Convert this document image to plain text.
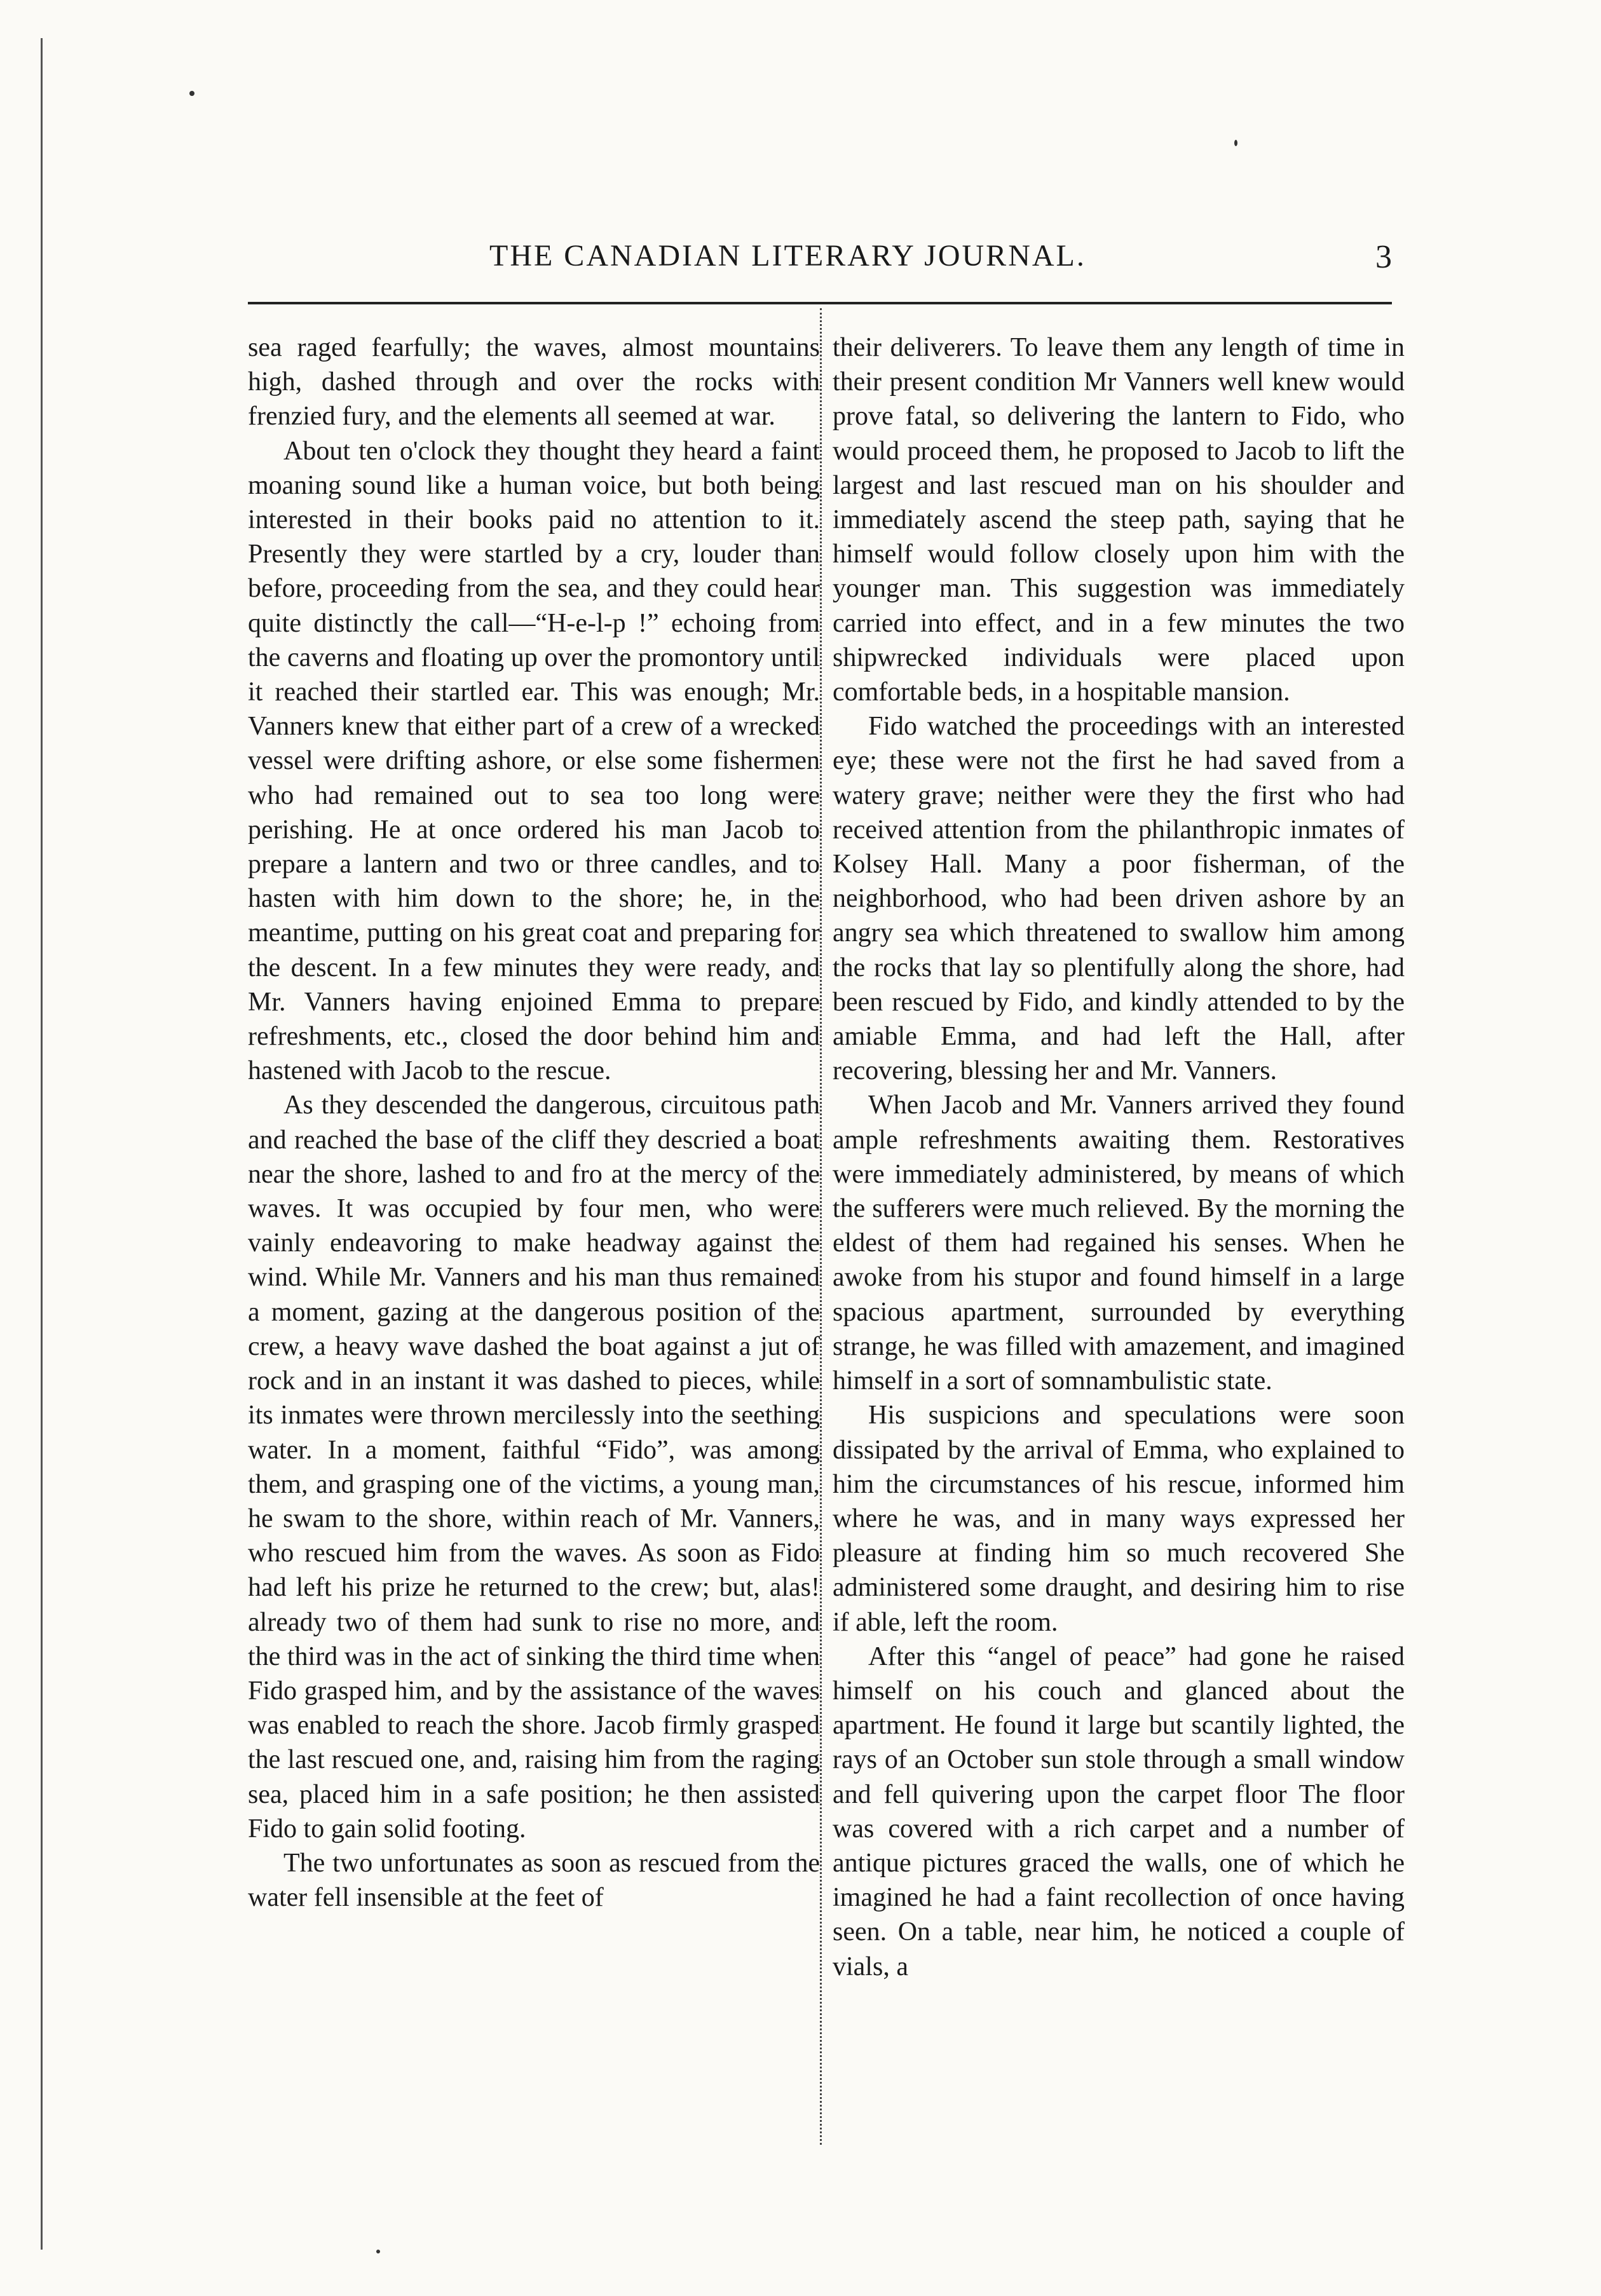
THE CANADIAN LITERARY JOURNAL.	3

sea raged fearfully; the waves, almost mountains high, dashed through and over the rocks with frenzied fury, and the elements all seemed at war.

About ten o'clock they thought they heard a faint moaning sound like a human voice, but both being interested in their books paid no attention to it. Presently they were startled by a cry, louder than before, proceeding from the sea, and they could hear quite distinctly the call—“H-e-l-p !” echoing from the caverns and floating up over the promontory until it reached their startled ear. This was enough; Mr. Vanners knew that either part of a crew of a wrecked vessel were drifting ashore, or else some fishermen who had remained out to sea too long were perishing. He at once ordered his man Jacob to prepare a lantern and two or three candles, and to hasten with him down to the shore; he, in the meantime, putting on his great coat and preparing for the descent. In a few minutes they were ready, and Mr. Vanners having enjoined Emma to prepare refreshments, etc., closed the door behind him and hastened with Jacob to the rescue.

As they descended the dangerous, circuitous path and reached the base of the cliff they descried a boat near the shore, lashed to and fro at the mercy of the waves. It was occupied by four men, who were vainly endeavoring to make headway against the wind. While Mr. Vanners and his man thus remained a moment, gazing at the dangerous position of the crew, a heavy wave dashed the boat against a jut of rock and in an instant it was dashed to pieces, while its inmates were thrown mercilessly into the seething water. In a moment, faithful “Fido”, was among them, and grasping one of the victims, a young man, he swam to the shore, within reach of Mr. Vanners, who rescued him from the waves. As soon as Fido had left his prize he returned to the crew; but, alas! already two of them had sunk to rise no more, and the third was in the act of sinking the third time when Fido grasped him, and by the assistance of the waves was enabled to reach the shore. Jacob firmly grasped the last rescued one, and, raising him from the raging sea, placed him in a safe position; he then assisted Fido to gain solid footing.

The two unfortunates as soon as rescued from the water fell insensible at the feet of

their deliverers. To leave them any length of time in their present condition Mr Vanners well knew would prove fatal, so delivering the lantern to Fido, who would proceed them, he proposed to Jacob to lift the largest and last rescued man on his shoulder and immediately ascend the steep path, saying that he himself would follow closely upon him with the younger man. This suggestion was immediately carried into effect, and in a few minutes the two shipwrecked individuals were placed upon comfortable beds, in a hospitable mansion.

Fido watched the proceedings with an interested eye; these were not the first he had saved from a watery grave; neither were they the first who had received attention from the philanthropic inmates of Kolsey Hall. Many a poor fisherman, of the neighborhood, who had been driven ashore by an angry sea which threatened to swallow him among the rocks that lay so plentifully along the shore, had been rescued by Fido, and kindly attended to by the amiable Emma, and had left the Hall, after recovering, blessing her and Mr. Vanners.

When Jacob and Mr. Vanners arrived they found ample refreshments awaiting them. Restoratives were immediately administered, by means of which the sufferers were much relieved. By the morning the eldest of them had regained his senses. When he awoke from his stupor and found himself in a large spacious apartment, surrounded by everything strange, he was filled with amazement, and imagined himself in a sort of somnambulistic state.

His suspicions and speculations were soon dissipated by the arrival of Emma, who explained to him the circumstances of his rescue, informed him where he was, and in many ways expressed her pleasure at finding him so much recovered She administered some draught, and desiring him to rise if able, left the room.

After this “angel of peace” had gone he raised himself on his couch and glanced about the apartment. He found it large but scantily lighted, the rays of an October sun stole through a small window and fell quivering upon the carpet floor The floor was covered with a rich carpet and a number of antique pictures graced the walls, one of which he imagined he had a faint recollection of once having seen. On a table, near him, he noticed a couple of vials, a
